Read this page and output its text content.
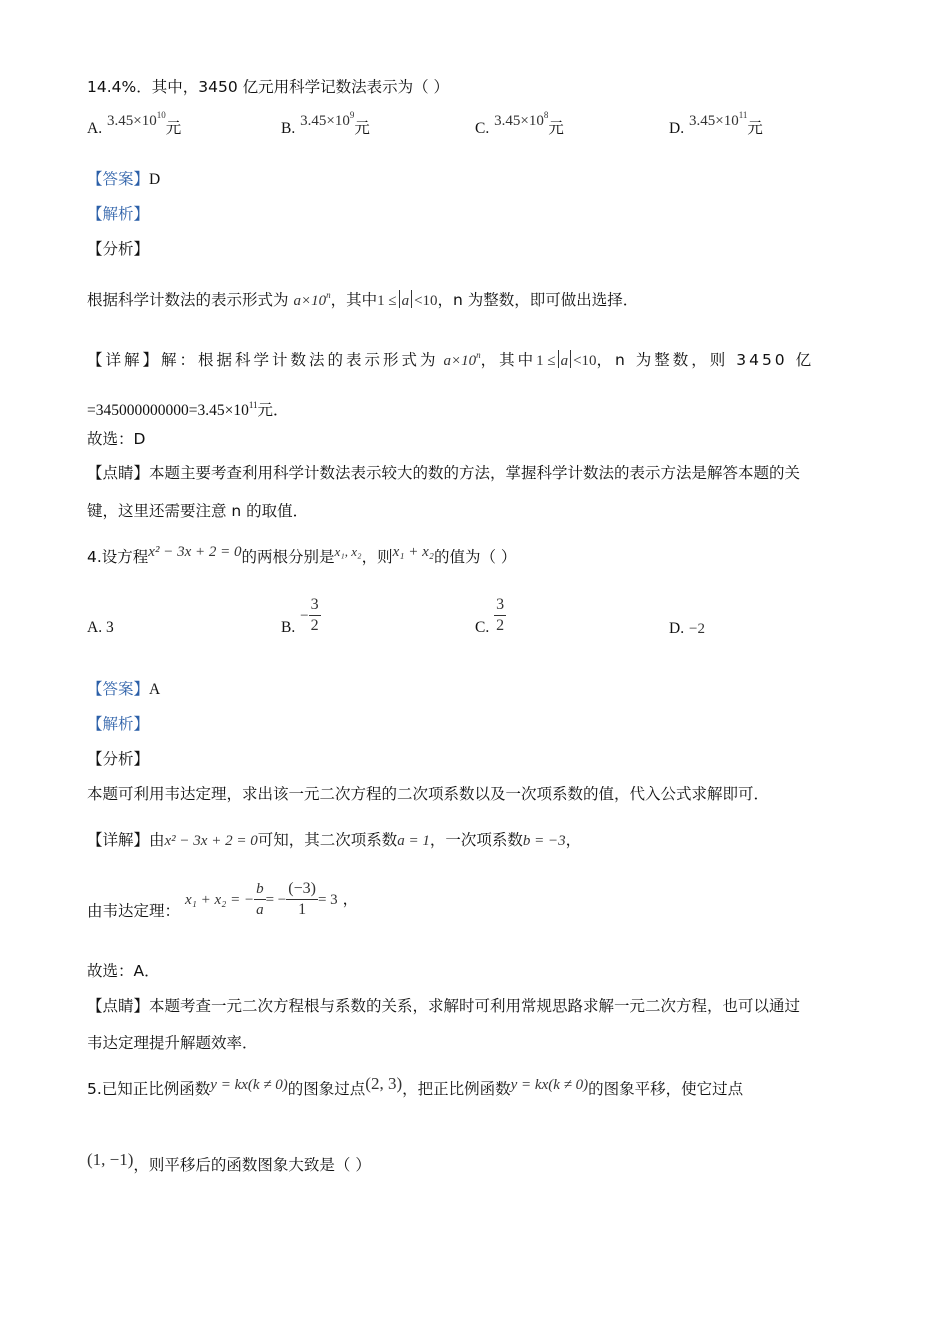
14.4%．其中，3450 亿元用科学记数法表示为（ ）
A. $3.45\times 10^{10}$元	B. $3.45\times 10^9$元	C. $3.45\times 10^8$元	D. $3.45\times 10^{11}$元
【答案】D
【解析】
【分析】
根据科学计数法的表示形式为 $a\times 10^n$，其中1 ≤ a <10，n 为整数，即可做出选择．
【详解】解：根据科学计数法的表示形式为 $a\times 10^n$，其中1 ≤ a <10，n 为整数，则 3450 亿
$=345000000000=3.45\times 10^{11}$元．
故选：D
【点睛】本题主要考查利用科学计数法表示较大的数的方法，掌握科学计数法的表示方法是解答本题的关
键，这里还需要注意 n 的取值．
4.设方程x² − 3x + 2 = 0的两根分别是$^{x_1, x_2}$，则x₁ + x₂的值为（ ）
A. 3	B. − $\frac{3}{2}$	C. $\frac{3}{2}$	D. −2
【答案】A
【解析】
【分析】
本题可利用韦达定理，求出该一元二次方程的二次项系数以及一次项系数的值，代入公式求解即可．
【详解】由x² − 3x + 2 = 0可知，其二次项系数a = 1，一次项系数b = −3，
由韦达定理： x₁ + x₂ = − $\frac{b}{a}$ = − $\frac{(-3)}{1} = 3$ ，
故选：A．
【点睛】本题考查一元二次方程根与系数的关系，求解时可利用常规思路求解一元二次方程，也可以通过
韦达定理提升解题效率．
5.已知正比例函数y = kx(k ≠ 0)的图象过点(2, 3)，把正比例函数y = kx(k ≠ 0)的图象平移，使它过点
(1, −1)，则平移后的函数图象大致是（ ）
